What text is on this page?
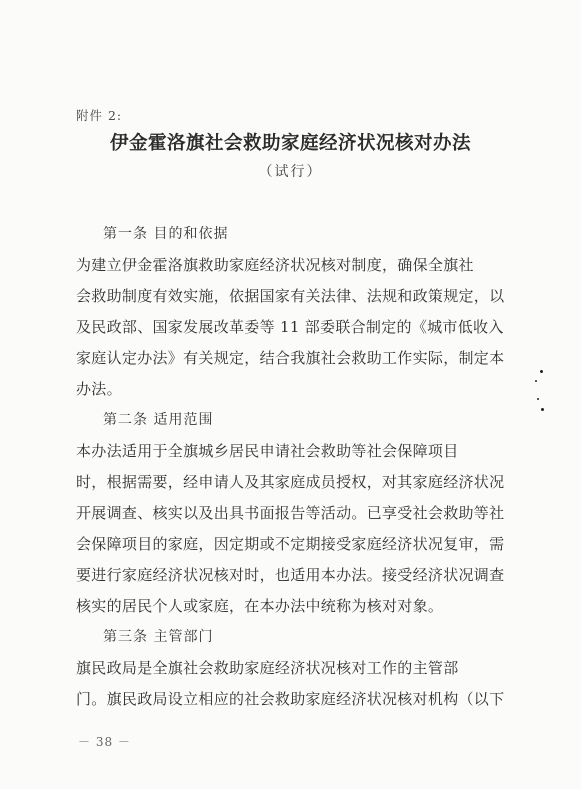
附件 2:
伊金霍洛旗社会救助家庭经济状况核对办法
（试行）
第一条 目的和依据
为建立伊金霍洛旗救助家庭经济状况核对制度，确保全旗社
会救助制度有效实施，依据国家有关法律、法规和政策规定，以
及民政部、国家发展改革委等 11 部委联合制定的《城市低收入
家庭认定办法》有关规定，结合我旗社会救助工作实际，制定本
办法。
第二条 适用范围
本办法适用于全旗城乡居民申请社会救助等社会保障项目
时，根据需要，经申请人及其家庭成员授权，对其家庭经济状况
开展调查、核实以及出具书面报告等活动。已享受社会救助等社
会保障项目的家庭，因定期或不定期接受家庭经济状况复审，需
要进行家庭经济状况核对时，也适用本办法。接受经济状况调查
核实的居民个人或家庭，在本办法中统称为核对对象。
第三条 主管部门
旗民政局是全旗社会救助家庭经济状况核对工作的主管部
门。旗民政局设立相应的社会救助家庭经济状况核对机构（以下
－ 38 －
